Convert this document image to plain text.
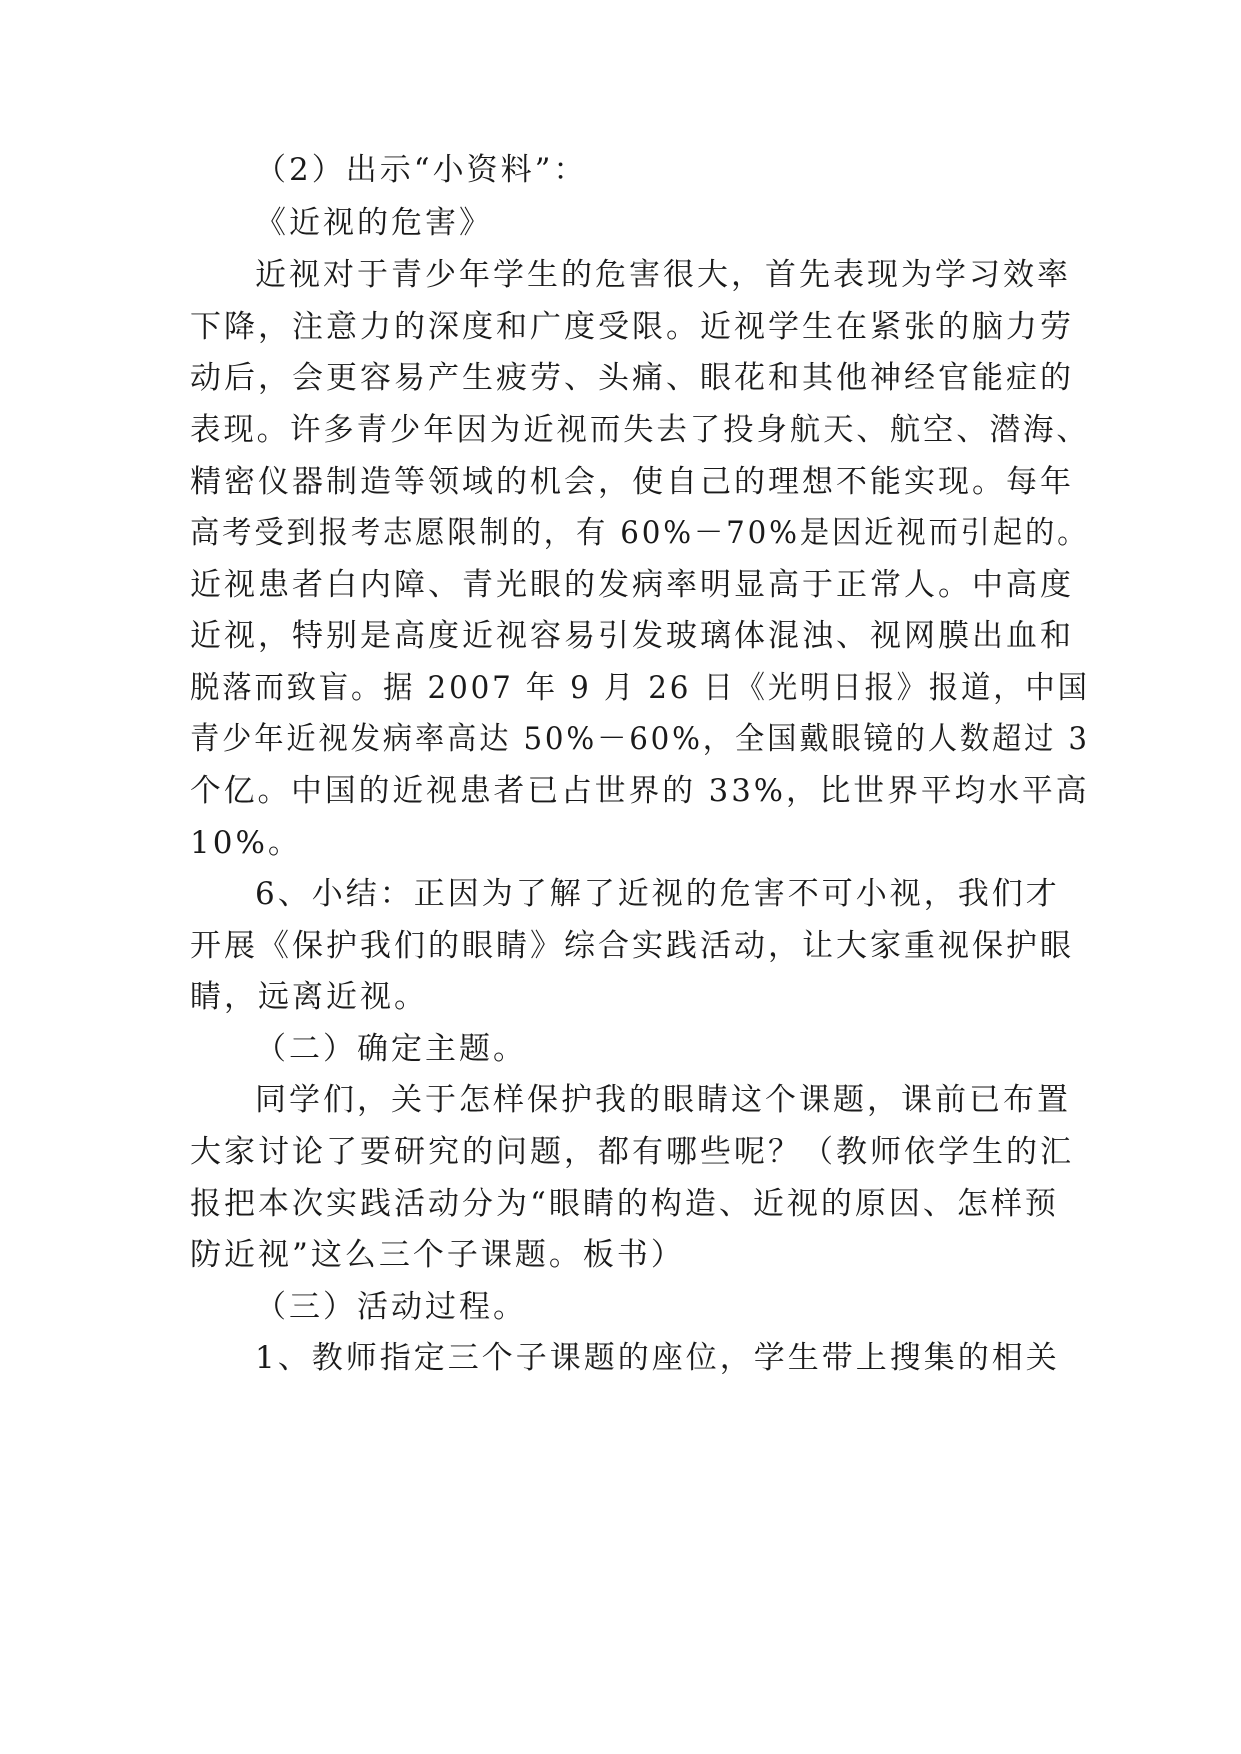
（2）出示“小资料”：
《近视的危害》
近视对于青少年学生的危害很大，首先表现为学习效率
下降，注意力的深度和广度受限。近视学生在紧张的脑力劳
动后，会更容易产生疲劳、头痛、眼花和其他神经官能症的
表现。许多青少年因为近视而失去了投身航天、航空、潜海、
精密仪器制造等领域的机会，使自己的理想不能实现。每年
高考受到报考志愿限制的，有 60%－70%是因近视而引起的。
近视患者白内障、青光眼的发病率明显高于正常人。中高度
近视，特别是高度近视容易引发玻璃体混浊、视网膜出血和
脱落而致盲。据 2007 年 9 月 26 日《光明日报》报道，中国
青少年近视发病率高达 50%－60%，全国戴眼镜的人数超过 3
个亿。中国的近视患者已占世界的 33%，比世界平均水平高
10%。
6、小结：正因为了解了近视的危害不可小视，我们才
开展《保护我们的眼睛》综合实践活动，让大家重视保护眼
睛，远离近视。
（二）确定主题。
同学们，关于怎样保护我的眼睛这个课题，课前已布置
大家讨论了要研究的问题，都有哪些呢？（教师依学生的汇
报把本次实践活动分为“眼睛的构造、近视的原因、怎样预
防近视”这么三个子课题。板书）
（三）活动过程。
1、教师指定三个子课题的座位，学生带上搜集的相关
